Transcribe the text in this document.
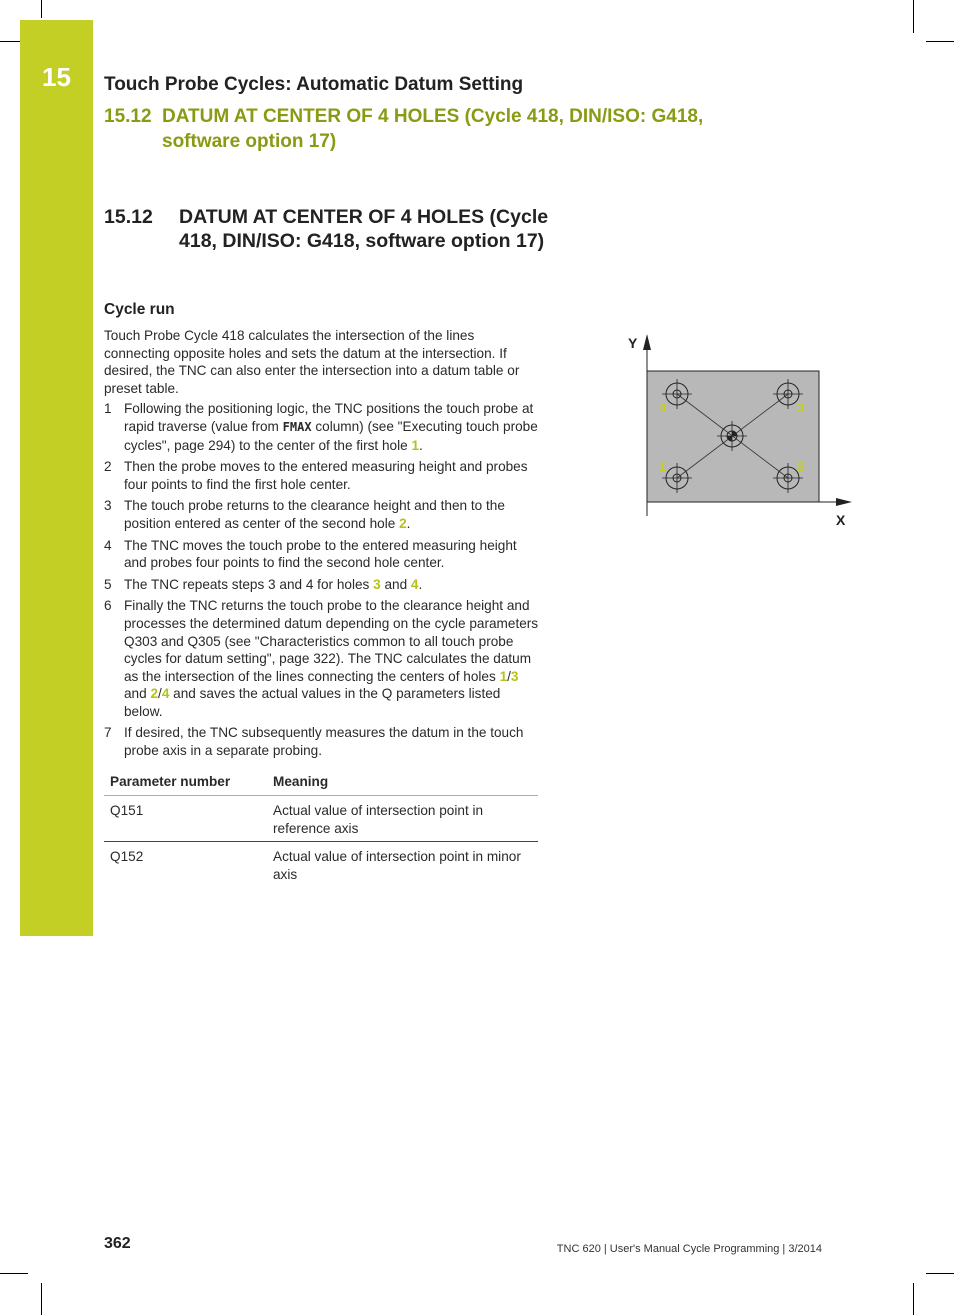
15	Touch Probe Cycles: Automatic Datum Setting
15.12 DATUM AT CENTER OF 4 HOLES (Cycle 418, DIN/ISO: G418,
software option 17)
15.12	DATUM AT CENTER OF 4 HOLES (Cycle 418, DIN/ISO: G418, software option 17)
Cycle run

Touch Probe Cycle 418 calculates the intersection of the lines connecting opposite holes and sets the datum at the intersection. If desired, the TNC can also enter the intersection into a datum table or preset table.

1 Following the positioning logic, the TNC positions the touch probe at rapid traverse (value from FMAX column) (see "Executing touch probe cycles", page 294) to the center of the first hole 1.
2 Then the probe moves to the entered measuring height and probes four points to find the first hole center.
3 The touch probe returns to the clearance height and then to the position entered as center of the second hole 2.
4 The TNC moves the touch probe to the entered measuring height and probes four points to find the second hole center.
5 The TNC repeats steps 3 and 4 for holes 3 and 4.
6 Finally the TNC returns the touch probe to the clearance height and processes the determined datum depending on the cycle parameters Q303 and Q305 (see "Characteristics common to all touch probe cycles for datum setting", page 322). The TNC calculates the datum as the intersection of the lines connecting the centers of holes 1/3 and 2/4 and saves the actual values in the Q parameters listed below.
7 If desired, the TNC subsequently measures the datum in the touch probe axis in a separate probing.
Parameter number	Meaning
Q151	Actual value of intersection point in reference axis
Q152	Actual value of intersection point in minor axis
Y
X
4	3
1	2
362	TNC 620 | User's Manual Cycle Programming | 3/2014
